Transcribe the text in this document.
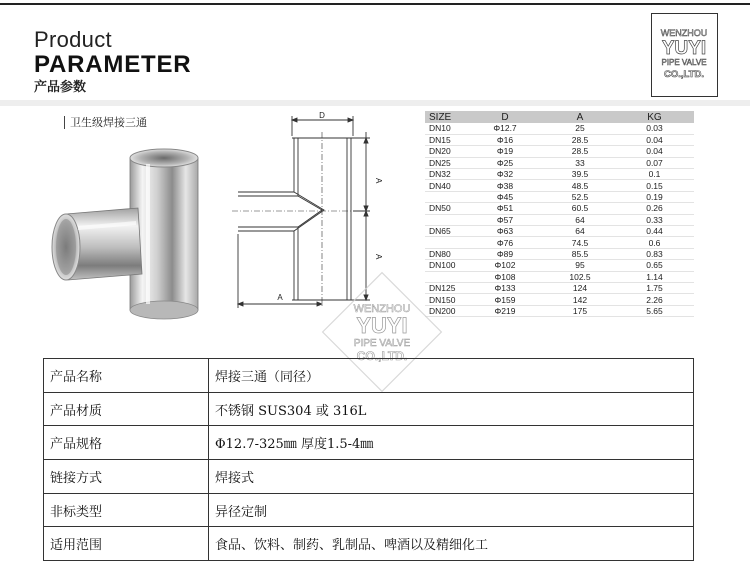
Product
PARAMETER
产品参数
WENZHOU
YUYI
PIPE VALVE
CO.,LTD.
卫生级焊接三通
D
A
A
A
SIZE	D	A	KG
DN10	Φ12.7	25	0.03
DN15	Φ16	28.5	0.04
DN20	Φ19	28.5	0.04
DN25	Φ25	33	0.07
DN32	Φ32	39.5	0.1
DN40	Φ38	48.5	0.15
	Φ45	52.5	0.19
DN50	Φ51	60.5	0.26
	Φ57	64	0.33
DN65	Φ63	64	0.44
	Φ76	74.5	0.6
DN80	Φ89	85.5	0.83
DN100	Φ102	95	0.65
	Φ108	102.5	1.14
DN125	Φ133	124	1.75
DN150	Φ159	142	2.26
DN200	Φ219	175	5.65
WENZHOU
YUYI
PIPE VALVE
CO.,LTD.
产品名称	焊接三通（同径）
产品材质	不锈钢 SUS304 或 316L
产品规格	Φ12.7-325㎜ 厚度1.5-4㎜
链接方式	焊接式
非标类型	异径定制
适用范围	食品、饮料、制药、乳制品、啤酒以及精细化工
